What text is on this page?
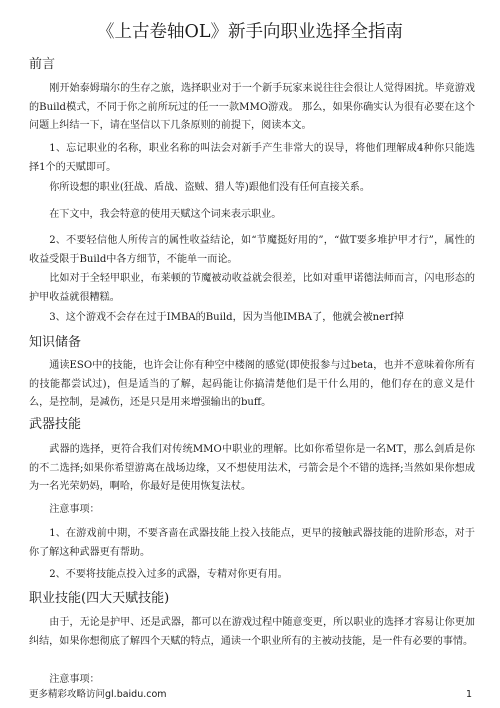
《上古卷轴OL》新手向职业选择全指南
前言

刚开始泰姆瑞尔的生存之旅，选择职业对于一个新手玩家来说往往会很让人觉得困扰。毕竟游戏的Build模式，不同于你之前所玩过的任一一款MMO游戏。 那么，如果你确实认为很有必要在这个问题上纠结一下，请在坚信以下几条原则的前提下，阅读本文。

1、忘记职业的名称，职业名称的叫法会对新手产生非常大的误导，将他们理解成4种你只能选择1个的天赋即可。

你所设想的职业(狂战、盾战、盗贼、猎人等)跟他们没有任何直接关系。

在下文中，我会特意的使用天赋这个词来表示职业。

2、不要轻信他人所传言的属性收益结论，如“节魔挺好用的”，“做T要多堆护甲才行”，属性的收益受限于Build中各方细节，不能单一而论。

比如对于全轻甲职业，布莱顿的节魔被动收益就会很差，比如对重甲诺德法师而言，闪电形态的护甲收益就很糟糕。

3、这个游戏不会存在过于IMBA的Build，因为当他IMBA了，他就会被nerf掉

知识储备

通读ESO中的技能，也许会让你有种空中楼阁的感觉(即使报参与过beta，也并不意味着你所有的技能都尝试过)，但是适当的了解，起码能让你搞清楚他们是干什么用的，他们存在的意义是什么，是控制，是减伤，还是只是用来增强输出的buff。

武器技能

武器的选择，更符合我们对传统MMO中职业的理解。比如你希望你是一名MT，那么剑盾是你的不二选择;如果你希望游离在战场边缘，又不想使用法术，弓箭会是个不错的选择;当然如果你想成为一名光荣奶妈，啊哈，你最好是使用恢复法杖。

注意事项：

1、在游戏前中期，不要吝啬在武器技能上投入技能点，更早的接触武器技能的进阶形态，对于你了解这种武器更有帮助。

2、不要将技能点投入过多的武器，专精对你更有用。

职业技能(四大天赋技能)

由于，无论是护甲、还是武器，都可以在游戏过程中随意变更，所以职业的选择才容易让你更加纠结，如果你想彻底了解四个天赋的特点，通读一个职业所有的主被动技能，是一件有必要的事情。

注意事项：

更多精彩攻略访问gl.baidu.com	1
